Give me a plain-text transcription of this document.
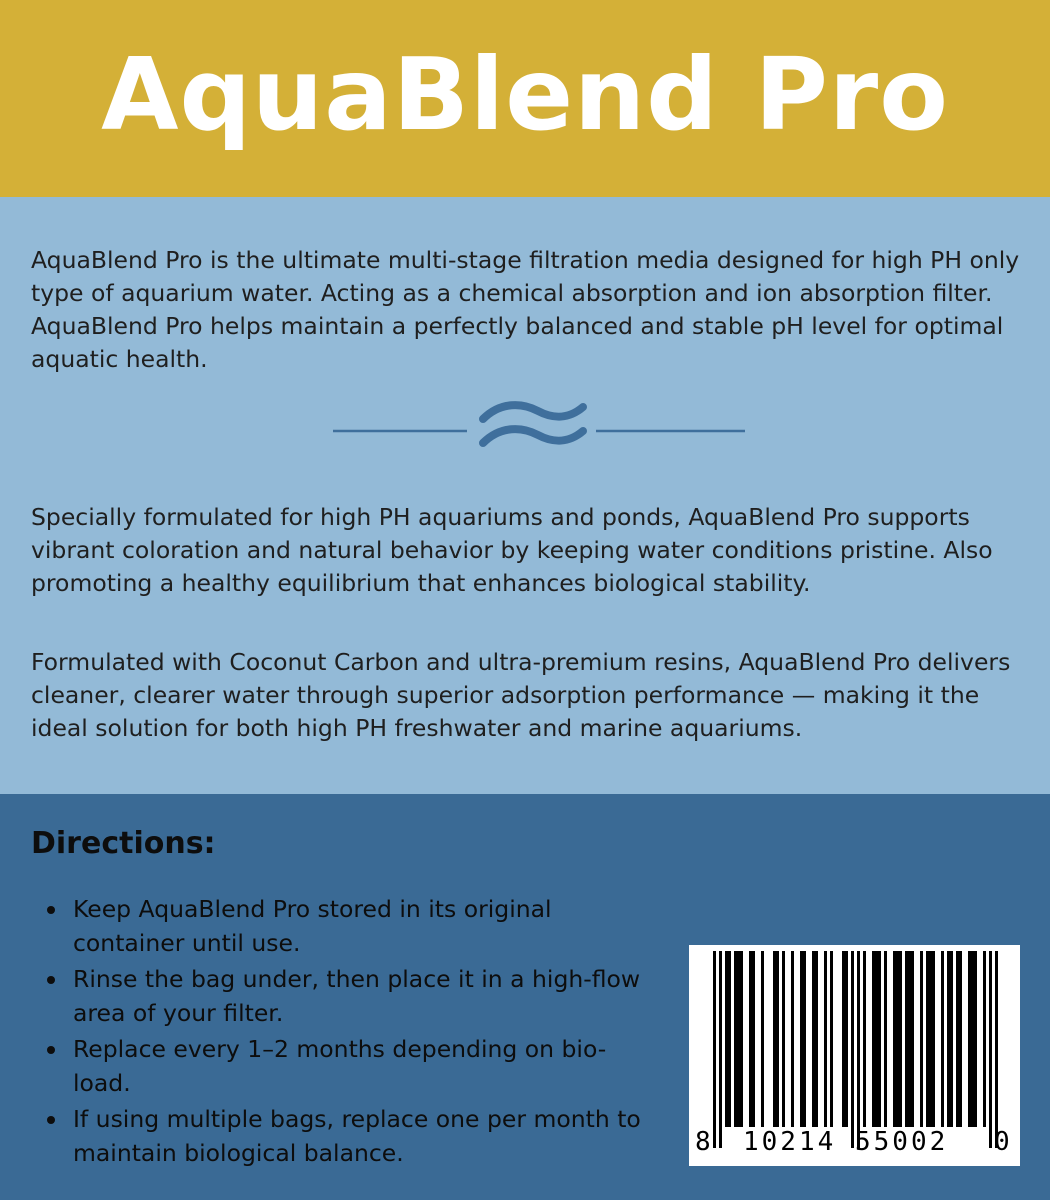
AquaBlend Pro

AquaBlend Pro is the ultimate multi-stage filtration media designed for high PH only type of aquarium water. Acting as a chemical absorption and ion absorption filter. AquaBlend Pro helps maintain a perfectly balanced and stable pH level for optimal aquatic health.

Specially formulated for high PH aquariums and ponds, AquaBlend Pro supports vibrant coloration and natural behavior by keeping water conditions pristine. Also promoting a healthy equilibrium that enhances biological stability.

Formulated with Coconut Carbon and ultra-premium resins, AquaBlend Pro delivers cleaner, clearer water through superior adsorption performance — making it the ideal solution for both high PH freshwater and marine aquariums.

Directions:
Keep AquaBlend Pro stored in its original container until use.
Rinse the bag under, then place it in a high-flow area of your filter.
Replace every 1–2 months depending on bio-load.
If using multiple bags, replace one per month to maintain biological balance.	8 10214 55002 0
